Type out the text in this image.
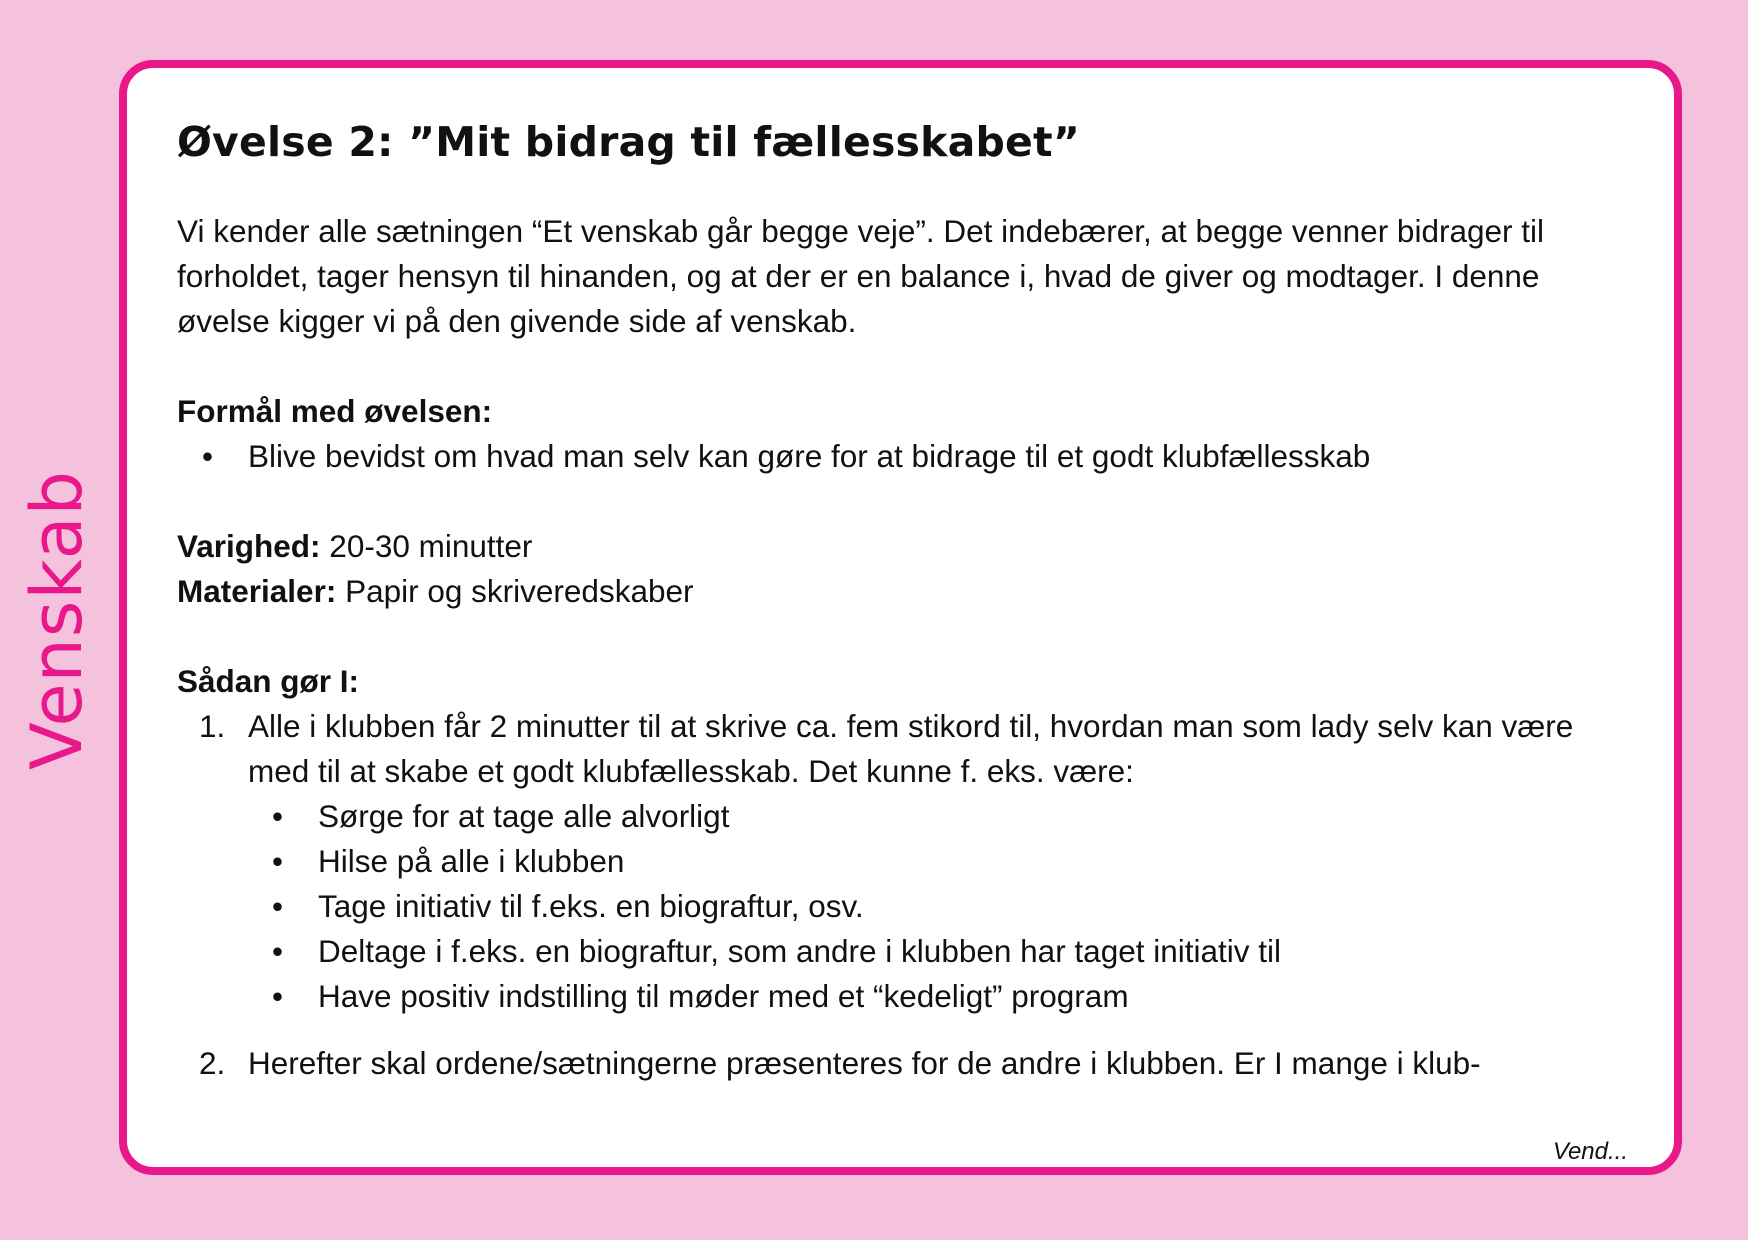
Venskab
Øvelse 2: ”Mit bidrag til fællesskabet”
Vi kender alle sætningen “Et venskab går begge veje”. Det indebærer, at begge venner bidrager til forholdet, tager hensyn til hinanden, og at der er en balance i, hvad de giver og modtager. I denne øvelse kigger vi på den givende side af venskab.
Formål med øvelsen:
• Blive bevidst om hvad man selv kan gøre for at bidrage til et godt klubfællesskab
Varighed: 20-30 minutter
Materialer: Papir og skriveredskaber
Sådan gør I:
1. Alle i klubben får 2 minutter til at skrive ca. fem stikord til, hvordan man som lady selv kan være med til at skabe et godt klubfællesskab. Det kunne f. eks. være:
• Sørge for at tage alle alvorligt
• Hilse på alle i klubben
• Tage initiativ til f.eks. en biograftur, osv.
• Deltage i f.eks. en biograftur, som andre i klubben har taget initiativ til
• Have positiv indstilling til møder med et “kedeligt” program
2. Herefter skal ordene/sætningerne præsenteres for de andre i klubben. Er I mange i klub-
Vend...
